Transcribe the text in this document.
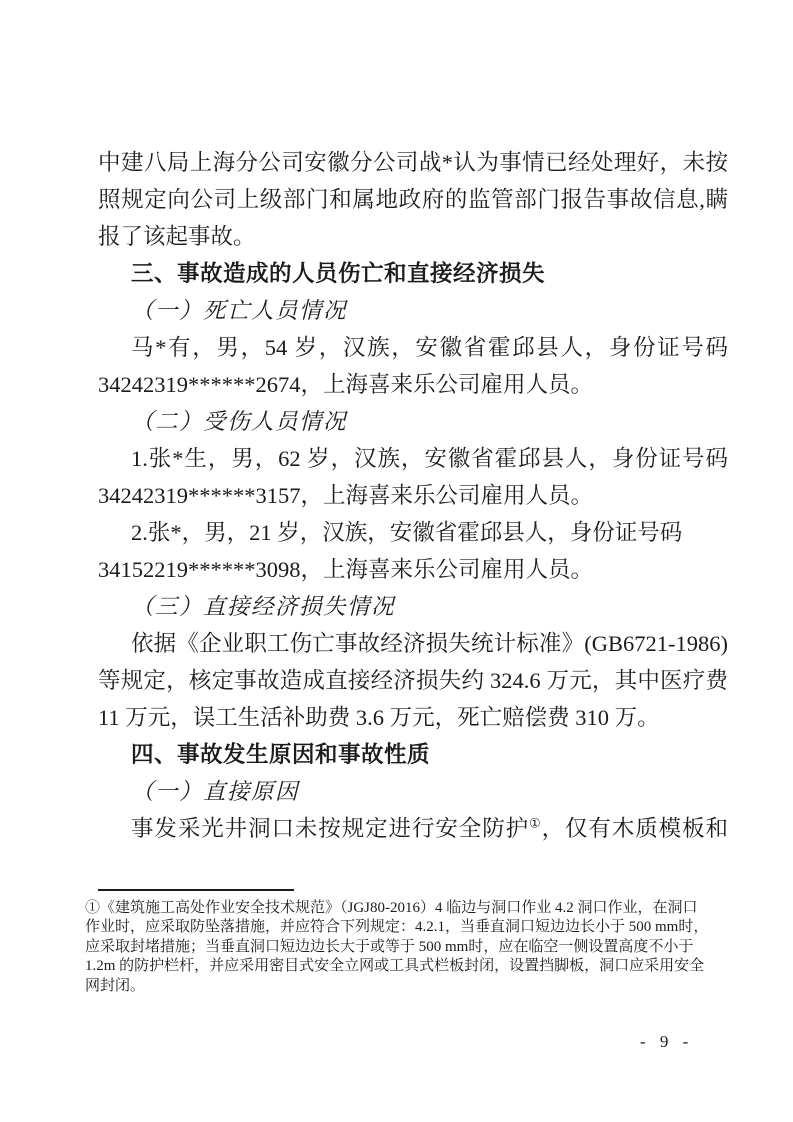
中建八局上海分公司安徽分公司战*认为事情已经处理好，未按
照规定向公司上级部门和属地政府的监管部门报告事故信息,瞒
报了该起事故。
三、事故造成的人员伤亡和直接经济损失
（一）死亡人员情况
马*有，男，54 岁，汉族，安徽省霍邱县人，身份证号码
34242319******2674，上海喜来乐公司雇用人员。
（二）受伤人员情况
1.张*生，男，62 岁，汉族，安徽省霍邱县人，身份证号码
34242319******3157，上海喜来乐公司雇用人员。
2.张*，男，21 岁，汉族，安徽省霍邱县人，身份证号码
34152219******3098，上海喜来乐公司雇用人员。
（三）直接经济损失情况
依据《企业职工伤亡事故经济损失统计标准》(GB6721-1986)
等规定，核定事故造成直接经济损失约 324.6 万元，其中医疗费
11 万元，误工生活补助费 3.6 万元，死亡赔偿费 310 万。
四、事故发生原因和事故性质
（一）直接原因
事发采光井洞口未按规定进行安全防护①，仅有木质模板和
①《建筑施工高处作业安全技术规范》（JGJ80-2016）4 临边与洞口作业 4.2 洞口作业，在洞口
作业时，应采取防坠落措施，并应符合下列规定：4.2.1，当垂直洞口短边边长小于 500 mm时，
应采取封堵措施；当垂直洞口短边边长大于或等于 500 mm时，应在临空一侧设置高度不小于
1.2m 的防护栏杆，并应采用密目式安全立网或工具式栏板封闭，设置挡脚板，洞口应采用安全
网封闭。
- 9 -
